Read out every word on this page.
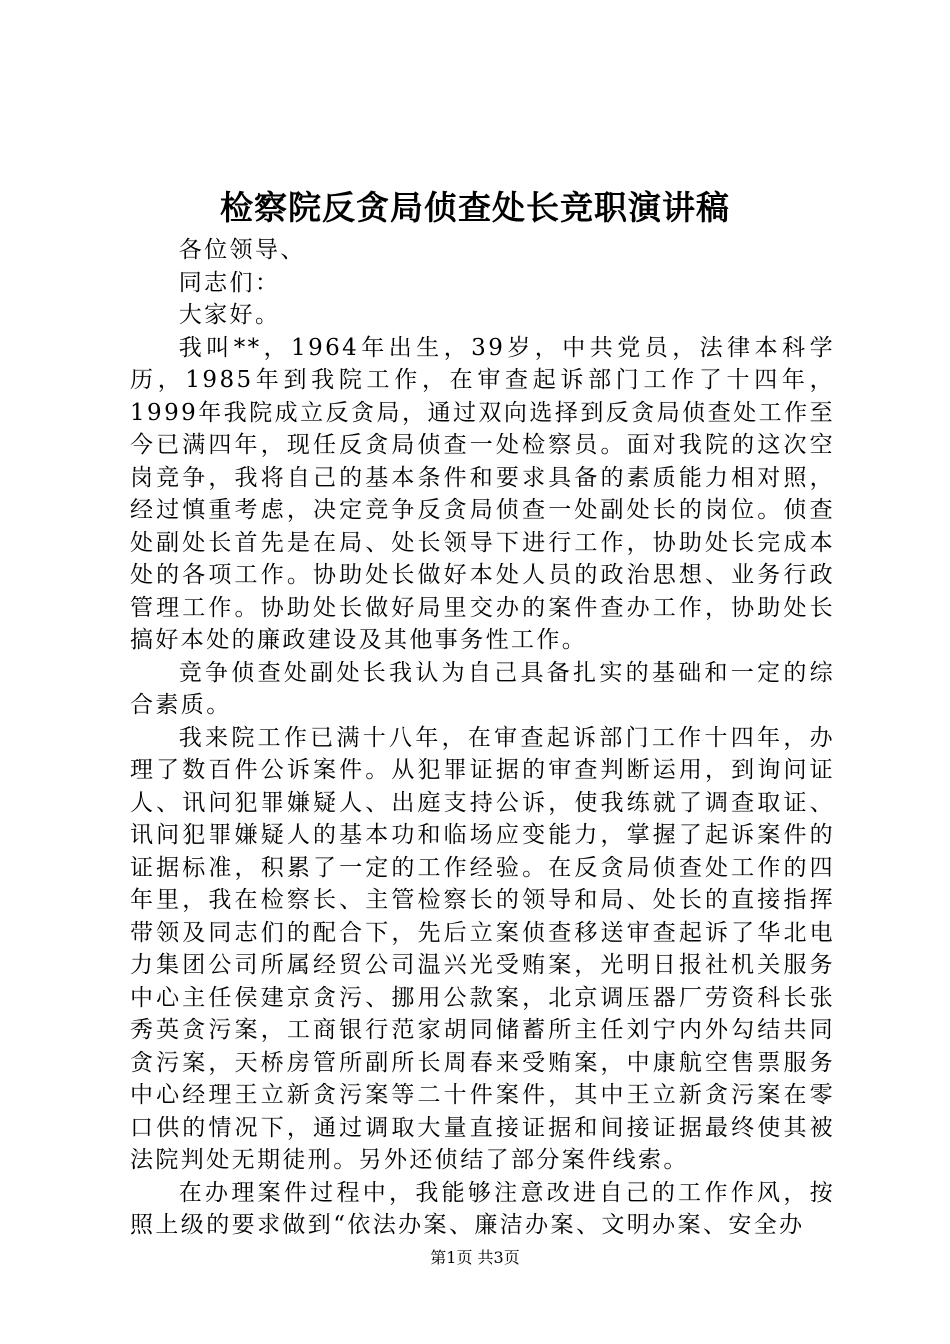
检察院反贪局侦查处长竞职演讲稿

各位领导、

同志们：

大家好。

我叫**，1964年出生，39岁，中共党员，法律本科学历，1985年到我院工作，在审查起诉部门工作了十四年，1999年我院成立反贪局，通过双向选择到反贪局侦查处工作至今已满四年，现任反贪局侦查一处检察员。面对我院的这次空岗竞争，我将自己的基本条件和要求具备的素质能力相对照，经过慎重考虑，决定竞争反贪局侦查一处副处长的岗位。侦查处副处长首先是在局、处长领导下进行工作，协助处长完成本处的各项工作。协助处长做好本处人员的政治思想、业务行政管理工作。协助处长做好局里交办的案件查办工作，协助处长搞好本处的廉政建设及其他事务性工作。

竞争侦查处副处长我认为自己具备扎实的基础和一定的综合素质。

我来院工作已满十八年，在审查起诉部门工作十四年，办理了数百件公诉案件。从犯罪证据的审查判断运用，到询问证人、讯问犯罪嫌疑人、出庭支持公诉，使我练就了调查取证、讯问犯罪嫌疑人的基本功和临场应变能力，掌握了起诉案件的证据标准，积累了一定的工作经验。在反贪局侦查处工作的四年里，我在检察长、主管检察长的领导和局、处长的直接指挥带领及同志们的配合下，先后立案侦查移送审查起诉了华北电力集团公司所属经贸公司温兴光受贿案，光明日报社机关服务中心主任侯建京贪污、挪用公款案，北京调压器厂劳资科长张秀英贪污案，工商银行范家胡同储蓄所主任刘宁内外勾结共同贪污案，天桥房管所副所长周春来受贿案，中康航空售票服务中心经理王立新贪污案等二十件案件，其中王立新贪污案在零口供的情况下，通过调取大量直接证据和间接证据最终使其被法院判处无期徒刑。另外还侦结了部分案件线索。

在办理案件过程中，我能够注意改进自己的工作作风，按照上级的要求做到“依法办案、廉洁办案、文明办案、安全办

第1页 共3页
